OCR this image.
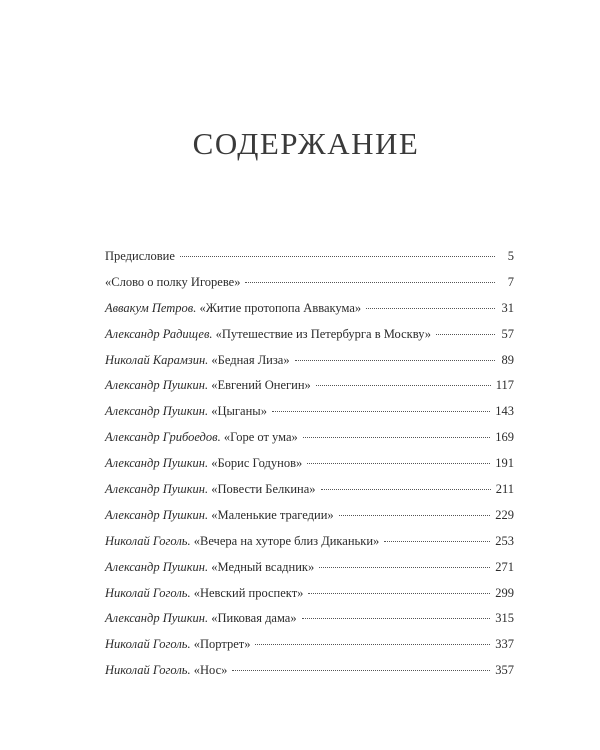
СОДЕРЖАНИЕ
Предисловие	5
«Слово о полку Игореве»	7
Аввакум Петров. «Житие протопопа Аввакума»	31
Александр Радищев. «Путешествие из Петербурга в Москву»	57
Николай Карамзин. «Бедная Лиза»	89
Александр Пушкин. «Евгений Онегин»	117
Александр Пушкин. «Цыганы»	143
Александр Грибоедов. «Горе от ума»	169
Александр Пушкин. «Борис Годунов»	191
Александр Пушкин. «Повести Белкина»	211
Александр Пушкин. «Маленькие трагедии»	229
Николай Гоголь. «Вечера на хуторе близ Диканьки»	253
Александр Пушкин. «Медный всадник»	271
Николай Гоголь. «Невский проспект»	299
Александр Пушкин. «Пиковая дама»	315
Николай Гоголь. «Портрет»	337
Николай Гоголь. «Нос»	357
